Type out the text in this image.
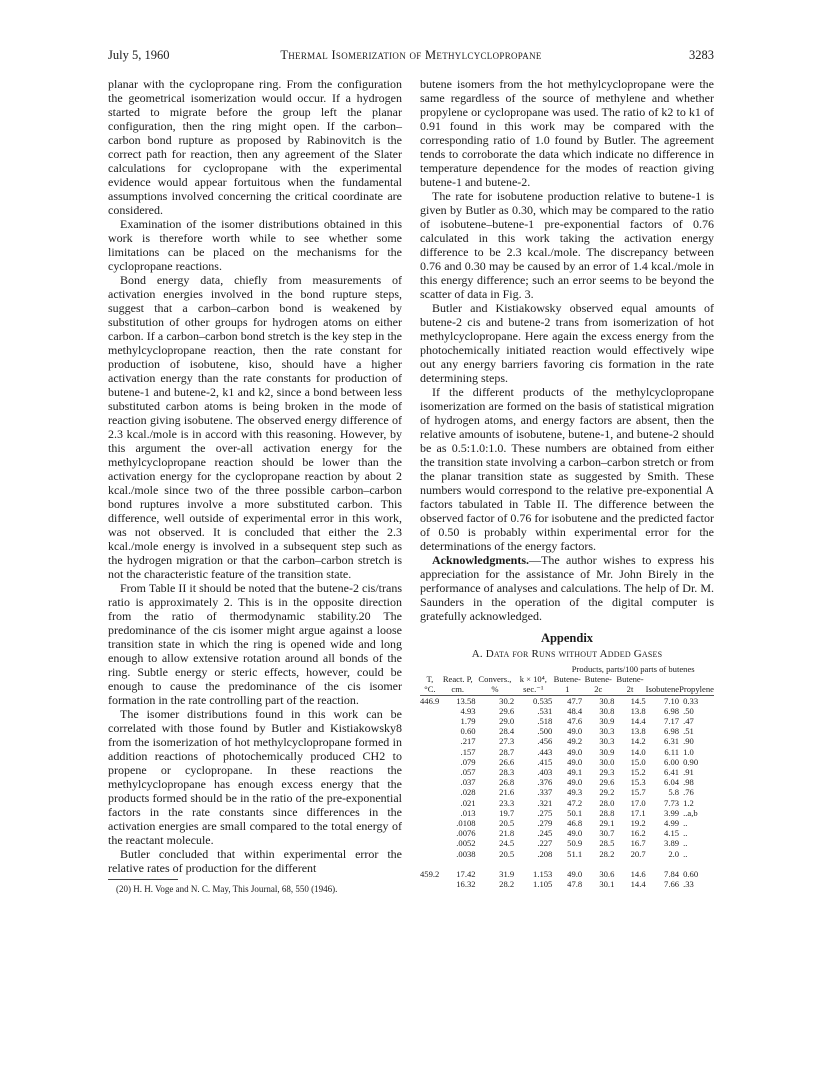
July 5, 1960	Thermal Isomerization of Methylcyclopropane	3283

planar with the cyclopropane ring. From the configuration the geometrical isomerization would occur. If a hydrogen started to migrate before the group left the planar configuration, then the ring might open. If the carbon–carbon bond rupture as proposed by Rabinovitch is the correct path for reaction, then any agreement of the Slater calculations for cyclopropane with the experimental evidence would appear fortuitous when the fundamental assumptions involved concerning the critical coordinate are considered.

Examination of the isomer distributions obtained in this work is therefore worth while to see whether some limitations can be placed on the mechanisms for the cyclopropane reactions.

Bond energy data, chiefly from measurements of activation energies involved in the bond rupture steps, suggest that a carbon–carbon bond is weakened by substitution of other groups for hydrogen atoms on either carbon. If a carbon–carbon bond stretch is the key step in the methylcyclopropane reaction, then the rate constant for production of isobutene, kiso, should have a higher activation energy than the rate constants for production of butene-1 and butene-2, k1 and k2, since a bond between less substituted carbon atoms is being broken in the mode of reaction giving isobutene. The observed energy difference of 2.3 kcal./mole is in accord with this reasoning. However, by this argument the over-all activation energy for the methylcyclopropane reaction should be lower than the activation energy for the cyclopropane reaction by about 2 kcal./mole since two of the three possible carbon–carbon bond ruptures involve a more substituted carbon. This difference, well outside of experimental error in this work, was not observed. It is concluded that either the 2.3 kcal./mole energy is involved in a subsequent step such as the hydrogen migration or that the carbon–carbon stretch is not the characteristic feature of the transition state.

From Table II it should be noted that the butene-2 cis/trans ratio is approximately 2. This is in the opposite direction from the ratio of thermodynamic stability.20 The predominance of the cis isomer might argue against a loose transition state in which the ring is opened wide and long enough to allow extensive rotation around all bonds of the ring. Subtle energy or steric effects, however, could be enough to cause the predominance of the cis isomer formation in the rate controlling part of the reaction.

The isomer distributions found in this work can be correlated with those found by Butler and Kistiakowsky8 from the isomerization of hot methylcyclopropane formed in addition reactions of photochemically produced CH2 to propene or cyclopropane. In these reactions the methylcyclopropane has enough excess energy that the products formed should be in the ratio of the pre-exponential factors in the rate constants since differences in the activation energies are small compared to the total energy of the reactant molecule.

Butler concluded that within experimental error the relative rates of production for the different

(20) H. H. Voge and N. C. May, This Journal, 68, 550 (1946).

butene isomers from the hot methylcyclopropane were the same regardless of the source of methylene and whether propylene or cyclopropane was used. The ratio of k2 to k1 of 0.91 found in this work may be compared with the corresponding ratio of 1.0 found by Butler. The agreement tends to corroborate the data which indicate no difference in temperature dependence for the modes of reaction giving butene-1 and butene-2.

The rate for isobutene production relative to butene-1 is given by Butler as 0.30, which may be compared to the ratio of isobutene–butene-1 pre-exponential factors of 0.76 calculated in this work taking the activation energy difference to be 2.3 kcal./mole. The discrepancy between 0.76 and 0.30 may be caused by an error of 1.4 kcal./mole in this energy difference; such an error seems to be beyond the scatter of data in Fig. 3.

Butler and Kistiakowsky observed equal amounts of butene-2 cis and butene-2 trans from isomerization of hot methylcyclopropane. Here again the excess energy from the photochemically initiated reaction would effectively wipe out any energy barriers favoring cis formation in the rate determining steps.

If the different products of the methylcyclopropane isomerization are formed on the basis of statistical migration of hydrogen atoms, and energy factors are absent, then the relative amounts of isobutene, butene-1, and butene-2 should be as 0.5:1.0:1.0. These numbers are obtained from either the transition state involving a carbon–carbon stretch or from the planar transition state as suggested by Smith. These numbers would correspond to the relative pre-exponential A factors tabulated in Table II. The difference between the observed factor of 0.76 for isobutene and the predicted factor of 0.50 is probably within experimental error for the determinations of the energy factors.

Acknowledgments.—The author wishes to express his appreciation for the assistance of Mr. John Birely in the performance of analyses and calculations. The help of Dr. M. Saunders in the operation of the digital computer is gratefully acknowledged.

Appendix
A. Data for Runs without Added Gases
				Products, parts/100 parts of butenes				
T, °C.	React. P, cm.	Convers., %	k × 10⁴, sec.⁻¹	Butene-1	Butene-2c	Butene-2t	Isobutene	Propylene
446.9	13.58	30.2	0.535	47.7	30.8	14.5	7.10	0.33
	4.93	29.6	.531	48.4	30.8	13.8	6.98	.50
	1.79	29.0	.518	47.6	30.9	14.4	7.17	.47
	0.60	28.4	.500	49.0	30.3	13.8	6.98	.51
	.217	27.3	.456	49.2	30.3	14.2	6.31	.90
	.157	28.7	.443	49.0	30.9	14.0	6.11	1.0
	.079	26.6	.415	49.0	30.0	15.0	6.00	0.90
	.057	28.3	.403	49.1	29.3	15.2	6.41	.91
	.037	26.8	.376	49.0	29.6	15.3	6.04	.98
	.028	21.6	.337	49.3	29.2	15.7	5.8	.76
	.021	23.3	.321	47.2	28.0	17.0	7.73	1.2
	.013	19.7	.275	50.1	28.8	17.1	3.99	..a,b
	.0108	20.5	.279	46.8	29.1	19.2	4.99	..
	.0076	21.8	.245	49.0	30.7	16.2	4.15	..
	.0052	24.5	.227	50.9	28.5	16.7	3.89	..
	.0038	20.5	.208	51.1	28.2	20.7	2.0	..

459.2	17.42	31.9	1.153	49.0	30.6	14.6	7.84	0.60
	16.32	28.2	1.105	47.8	30.1	14.4	7.66	.33
